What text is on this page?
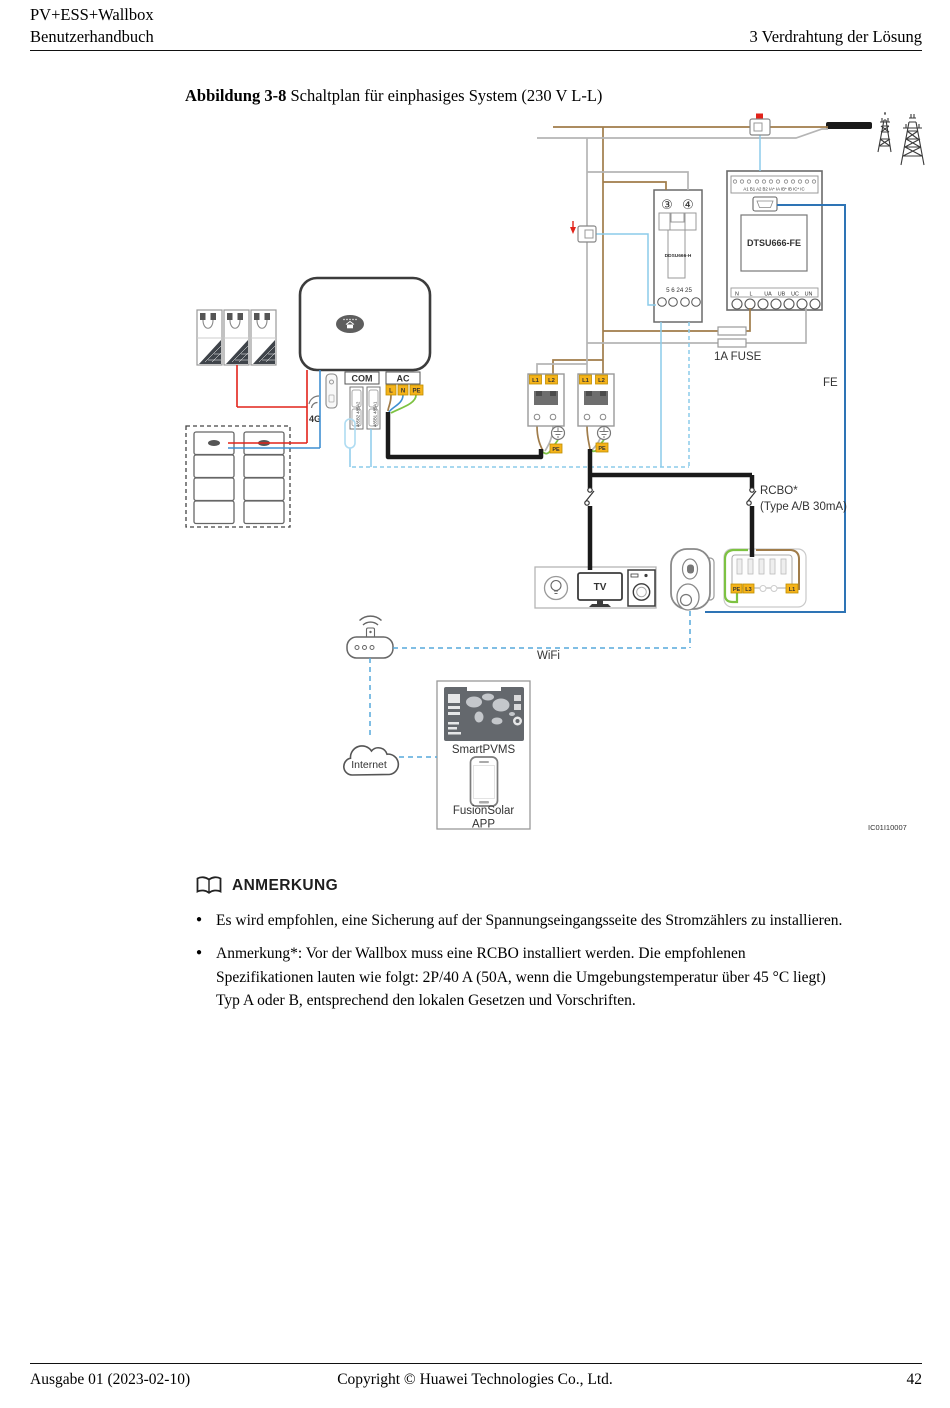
PV+ESS+Wallbox
Benutzerhandbuch	3 Verdrahtung der Lösung
Abbildung 3-8 Schaltplan für einphasiges System (230 V L-L)
A1 B1 A2 B2 IA* IA IB* IB IC* IC
DTSU666-FE
N L UA UB UC UN
③ ④
DDSU666-H
5 6 24 25
4G
COM
485B2 485A2	485B1 485A1
AC
TV
Internet
SmartPVMS
FusionSolar
APP
L1 L2	L1 L2
PE	PE
L N PE
PE L3	L1
1A FUSE
FE
RCBO*
(Type A/B 30mA)
WiFi
IC01I10007
ANMERKUNG
● Es wird empfohlen, eine Sicherung auf der Spannungseingangsseite des Stromzählers zu installieren.
● Anmerkung*: Vor der Wallbox muss eine RCBO installiert werden. Die empfohlenen
Spezifikationen lauten wie folgt: 2P/40 A (50A, wenn die Umgebungstemperatur über 45 °C liegt)
Typ A oder B, entsprechend den lokalen Gesetzen und Vorschriften.
Ausgabe 01 (2023-02-10)	Copyright © Huawei Technologies Co., Ltd.	42
